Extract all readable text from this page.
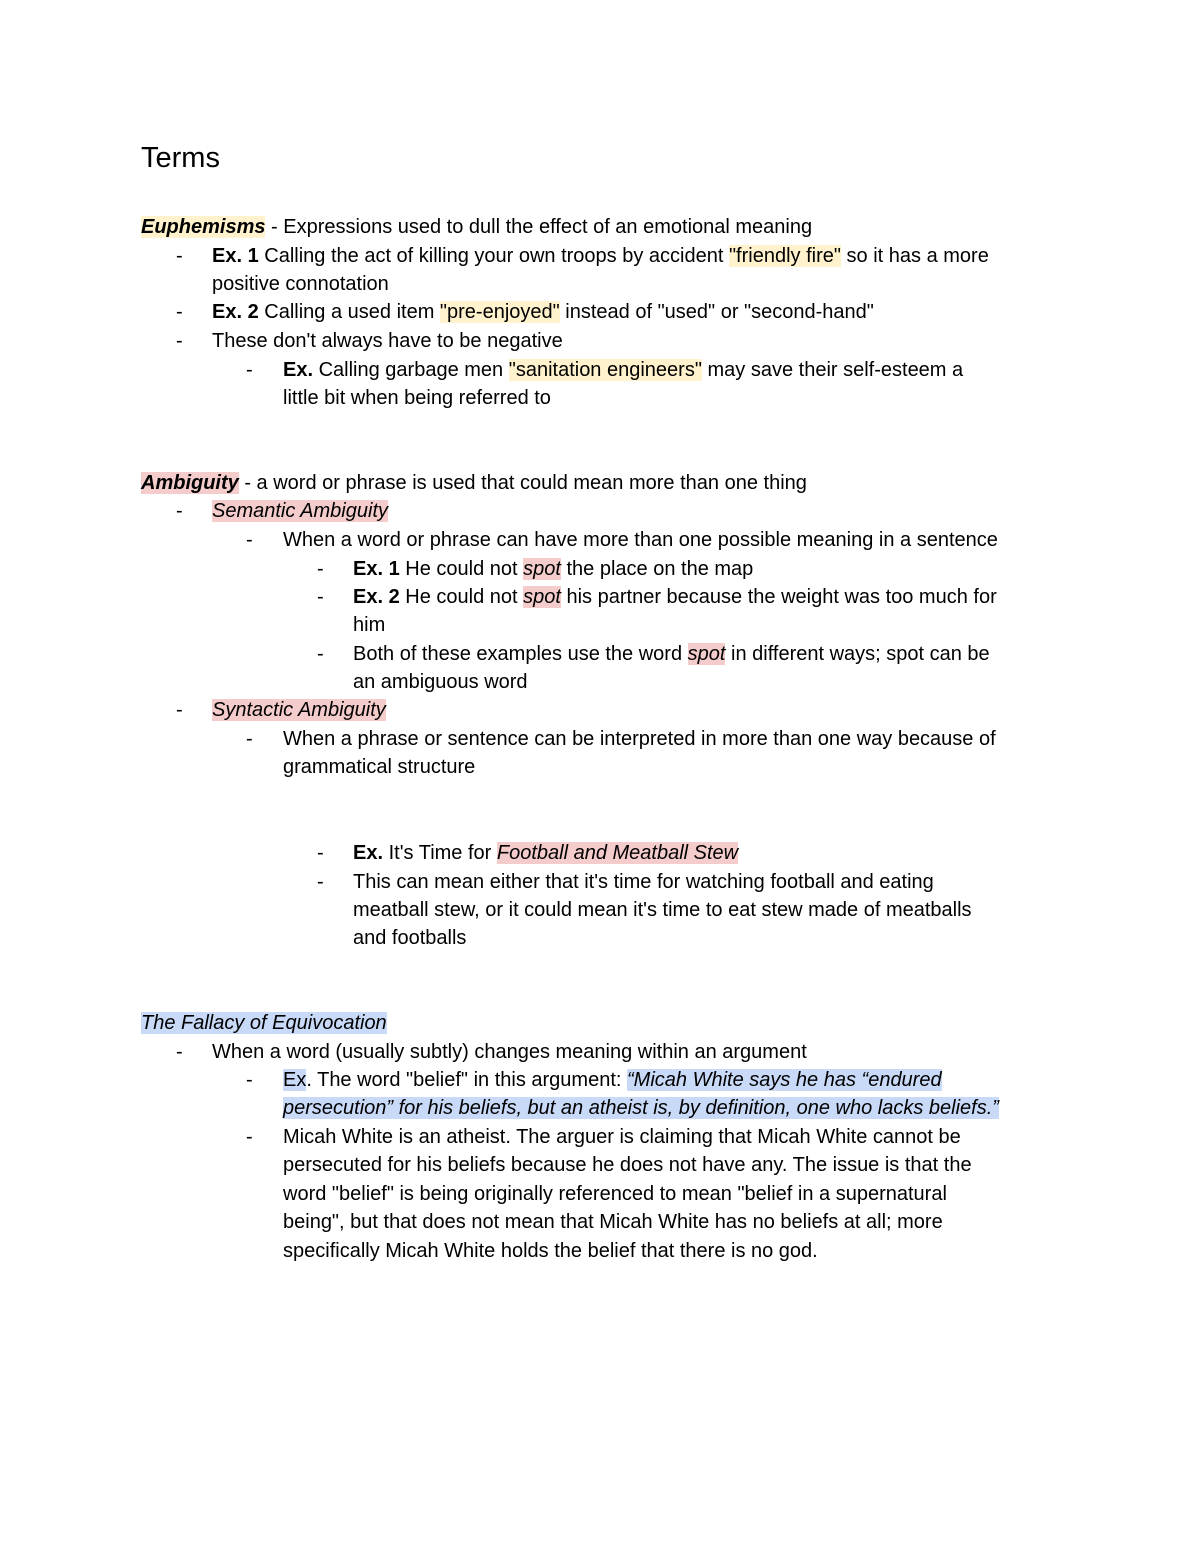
Terms
Euphemisms - Expressions used to dull the effect of an emotional meaning
- Ex. 1 Calling the act of killing your own troops by accident "friendly fire" so it has a more
positive connotation
- Ex. 2 Calling a used item "pre-enjoyed" instead of "used" or "second-hand"
- These don't always have to be negative
- Ex. Calling garbage men "sanitation engineers" may save their self-esteem a
little bit when being referred to
Ambiguity - a word or phrase is used that could mean more than one thing
- Semantic Ambiguity
- When a word or phrase can have more than one possible meaning in a sentence
- Ex. 1 He could not spot the place on the map
- Ex. 2 He could not spot his partner because the weight was too much for
him
- Both of these examples use the word spot in different ways; spot can be
an ambiguous word
- Syntactic Ambiguity
- When a phrase or sentence can be interpreted in more than one way because of
grammatical structure
- Ex. It's Time for Football and Meatball Stew
- This can mean either that it's time for watching football and eating
meatball stew, or it could mean it's time to eat stew made of meatballs
and footballs
The Fallacy of Equivocation
- When a word (usually subtly) changes meaning within an argument
- Ex. The word "belief" in this argument: “Micah White says he has “endured
persecution” for his beliefs, but an atheist is, by definition, one who lacks beliefs.”
- Micah White is an atheist. The arguer is claiming that Micah White cannot be
persecuted for his beliefs because he does not have any. The issue is that the
word "belief" is being originally referenced to mean "belief in a supernatural
being", but that does not mean that Micah White has no beliefs at all; more
specifically Micah White holds the belief that there is no god.
